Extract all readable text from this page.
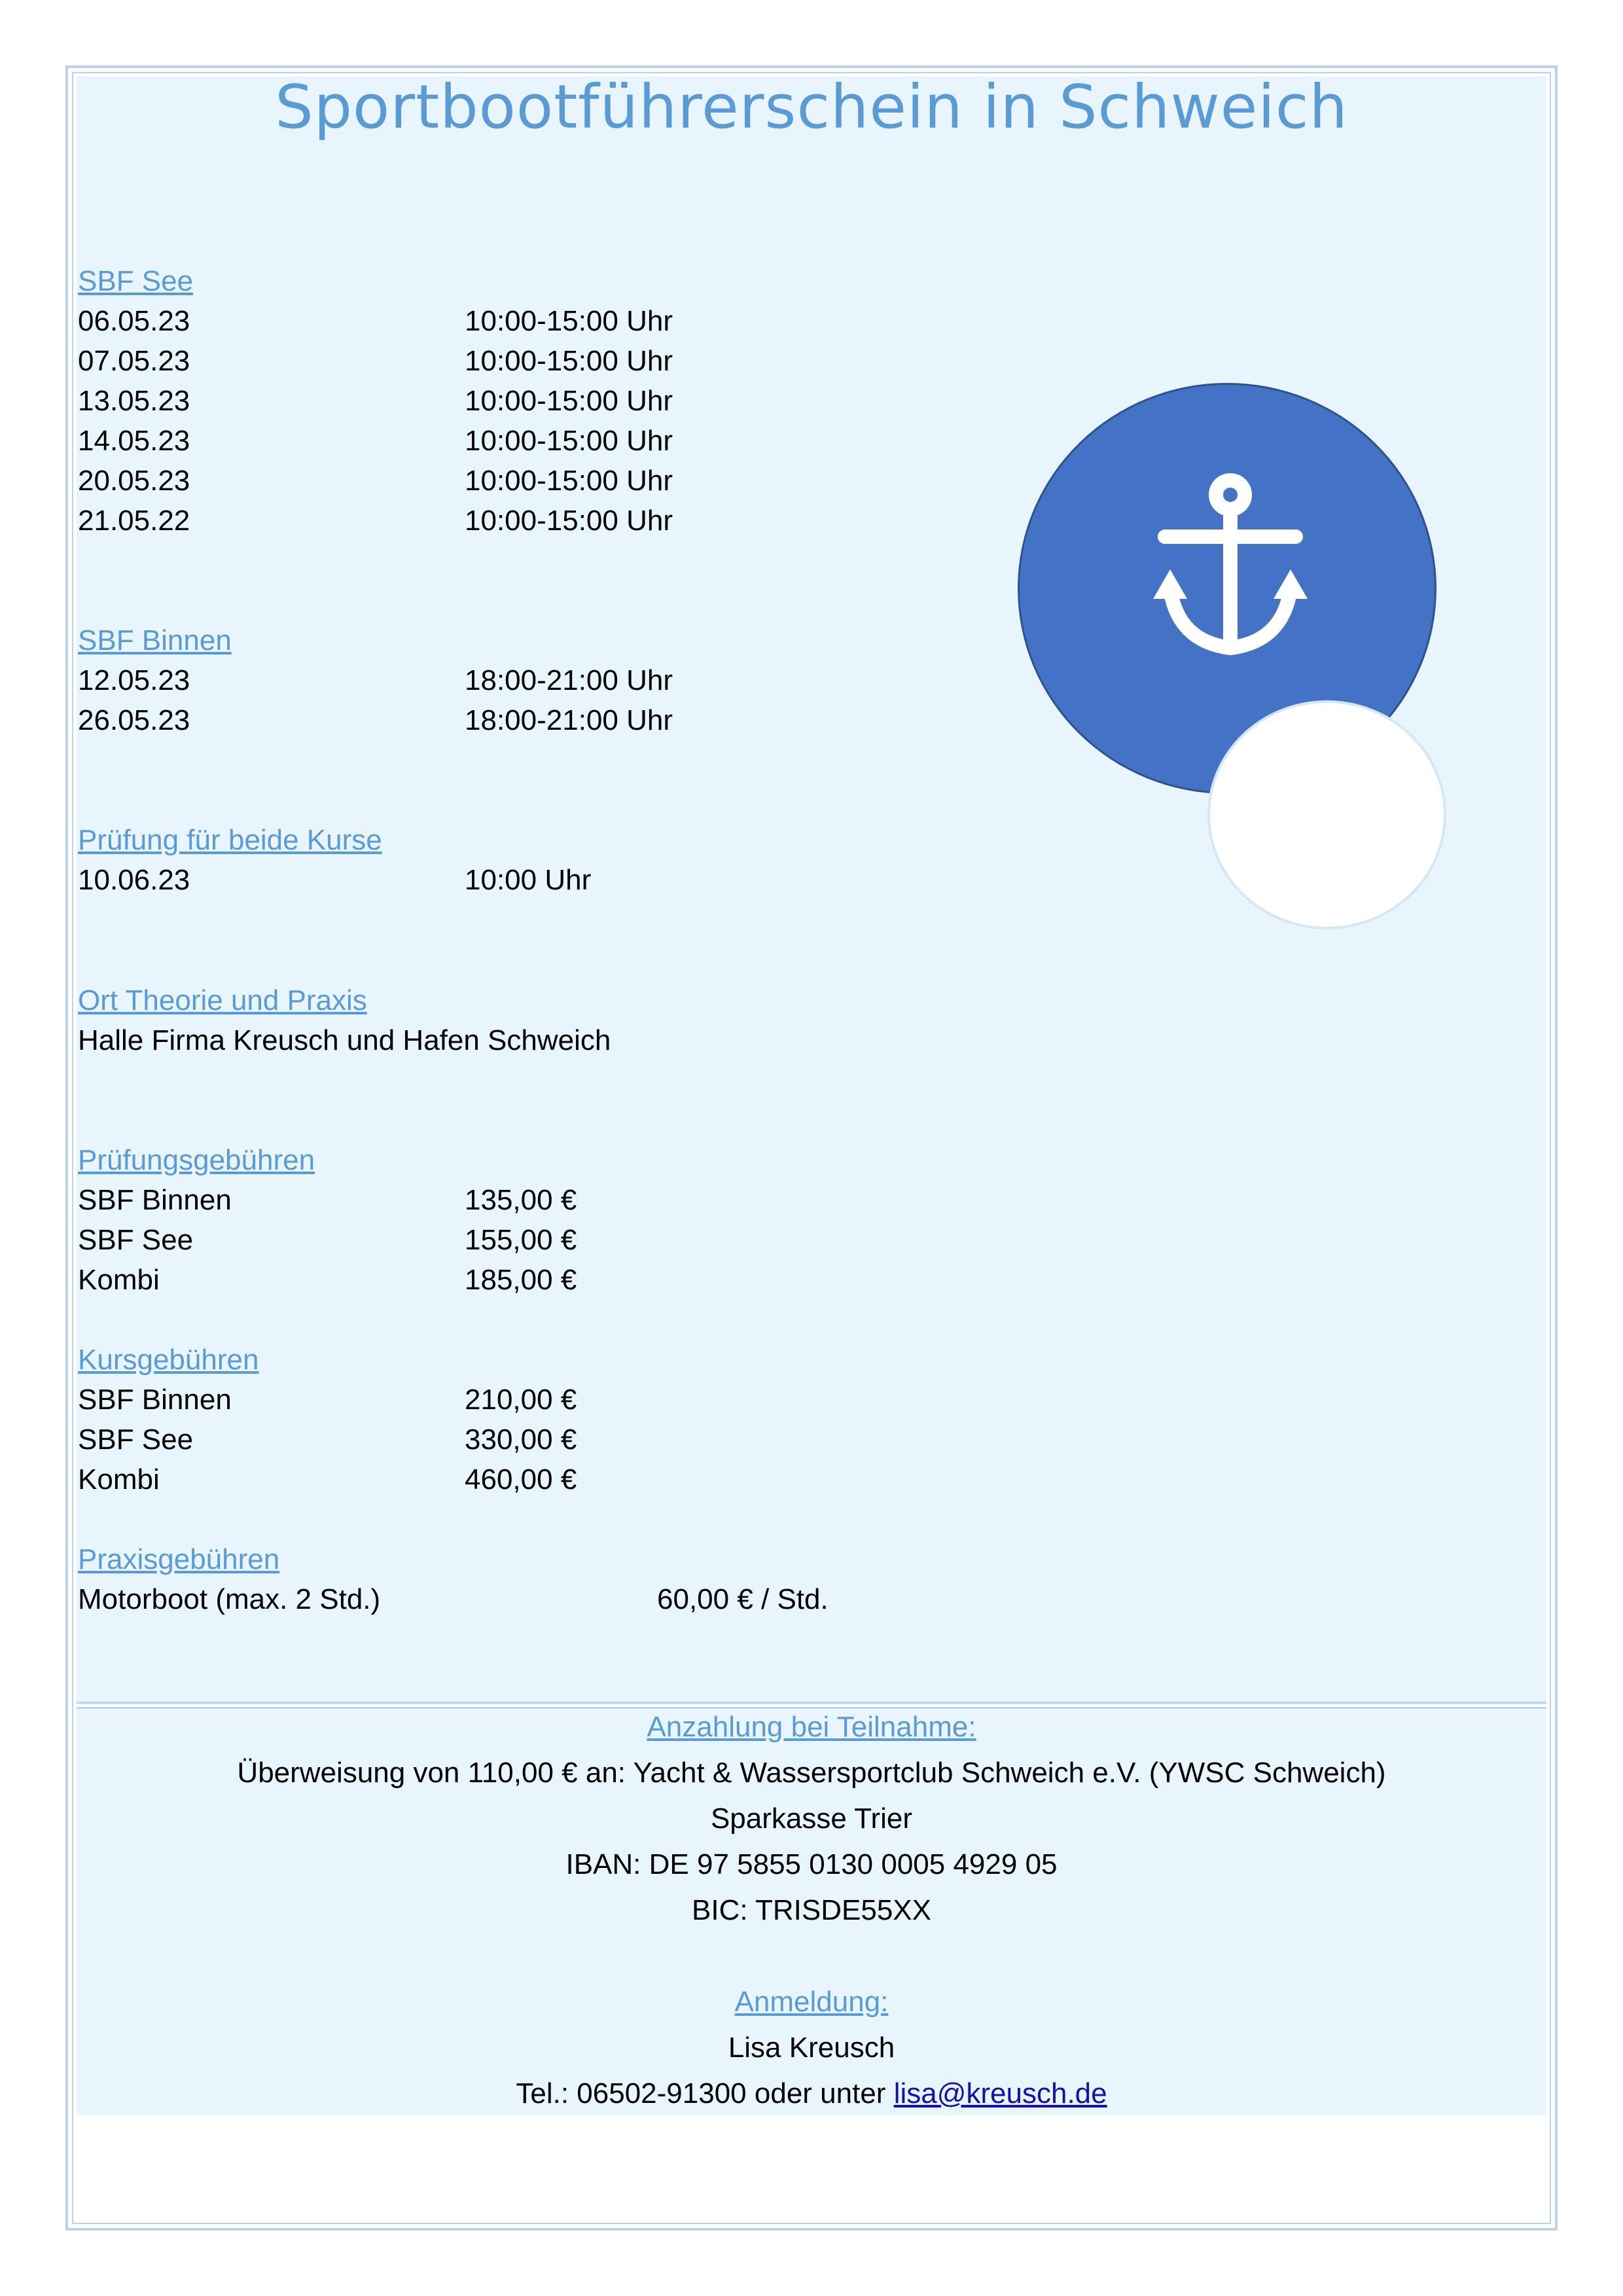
Sportbootführerschein in Schweich
SBF See
06.05.23	10:00-15:00 Uhr
07.05.23	10:00-15:00 Uhr
13.05.23	10:00-15:00 Uhr
14.05.23	10:00-15:00 Uhr
20.05.23	10:00-15:00 Uhr
21.05.22	10:00-15:00 Uhr
SBF Binnen
12.05.23	18:00-21:00 Uhr
26.05.23	18:00-21:00 Uhr
Prüfung für beide Kurse
10.06.23	10:00 Uhr
Ort Theorie und Praxis
Halle Firma Kreusch und Hafen Schweich
Prüfungsgebühren
SBF Binnen	135,00 €
SBF See	155,00 €
Kombi	185,00 €
Kursgebühren
SBF Binnen	210,00 €
SBF See	330,00 €
Kombi	460,00 €
Praxisgebühren
Motorboot (max. 2 Std.)	60,00 € / Std.
Anzahlung bei Teilnahme:
Überweisung von 110,00 € an: Yacht & Wassersportclub Schweich e.V. (YWSC Schweich)
Sparkasse Trier
IBAN: DE 97 5855 0130 0005 4929 05
BIC: TRISDE55XX
Anmeldung:
Lisa Kreusch
Tel.: 06502-91300 oder unter lisa@kreusch.de
